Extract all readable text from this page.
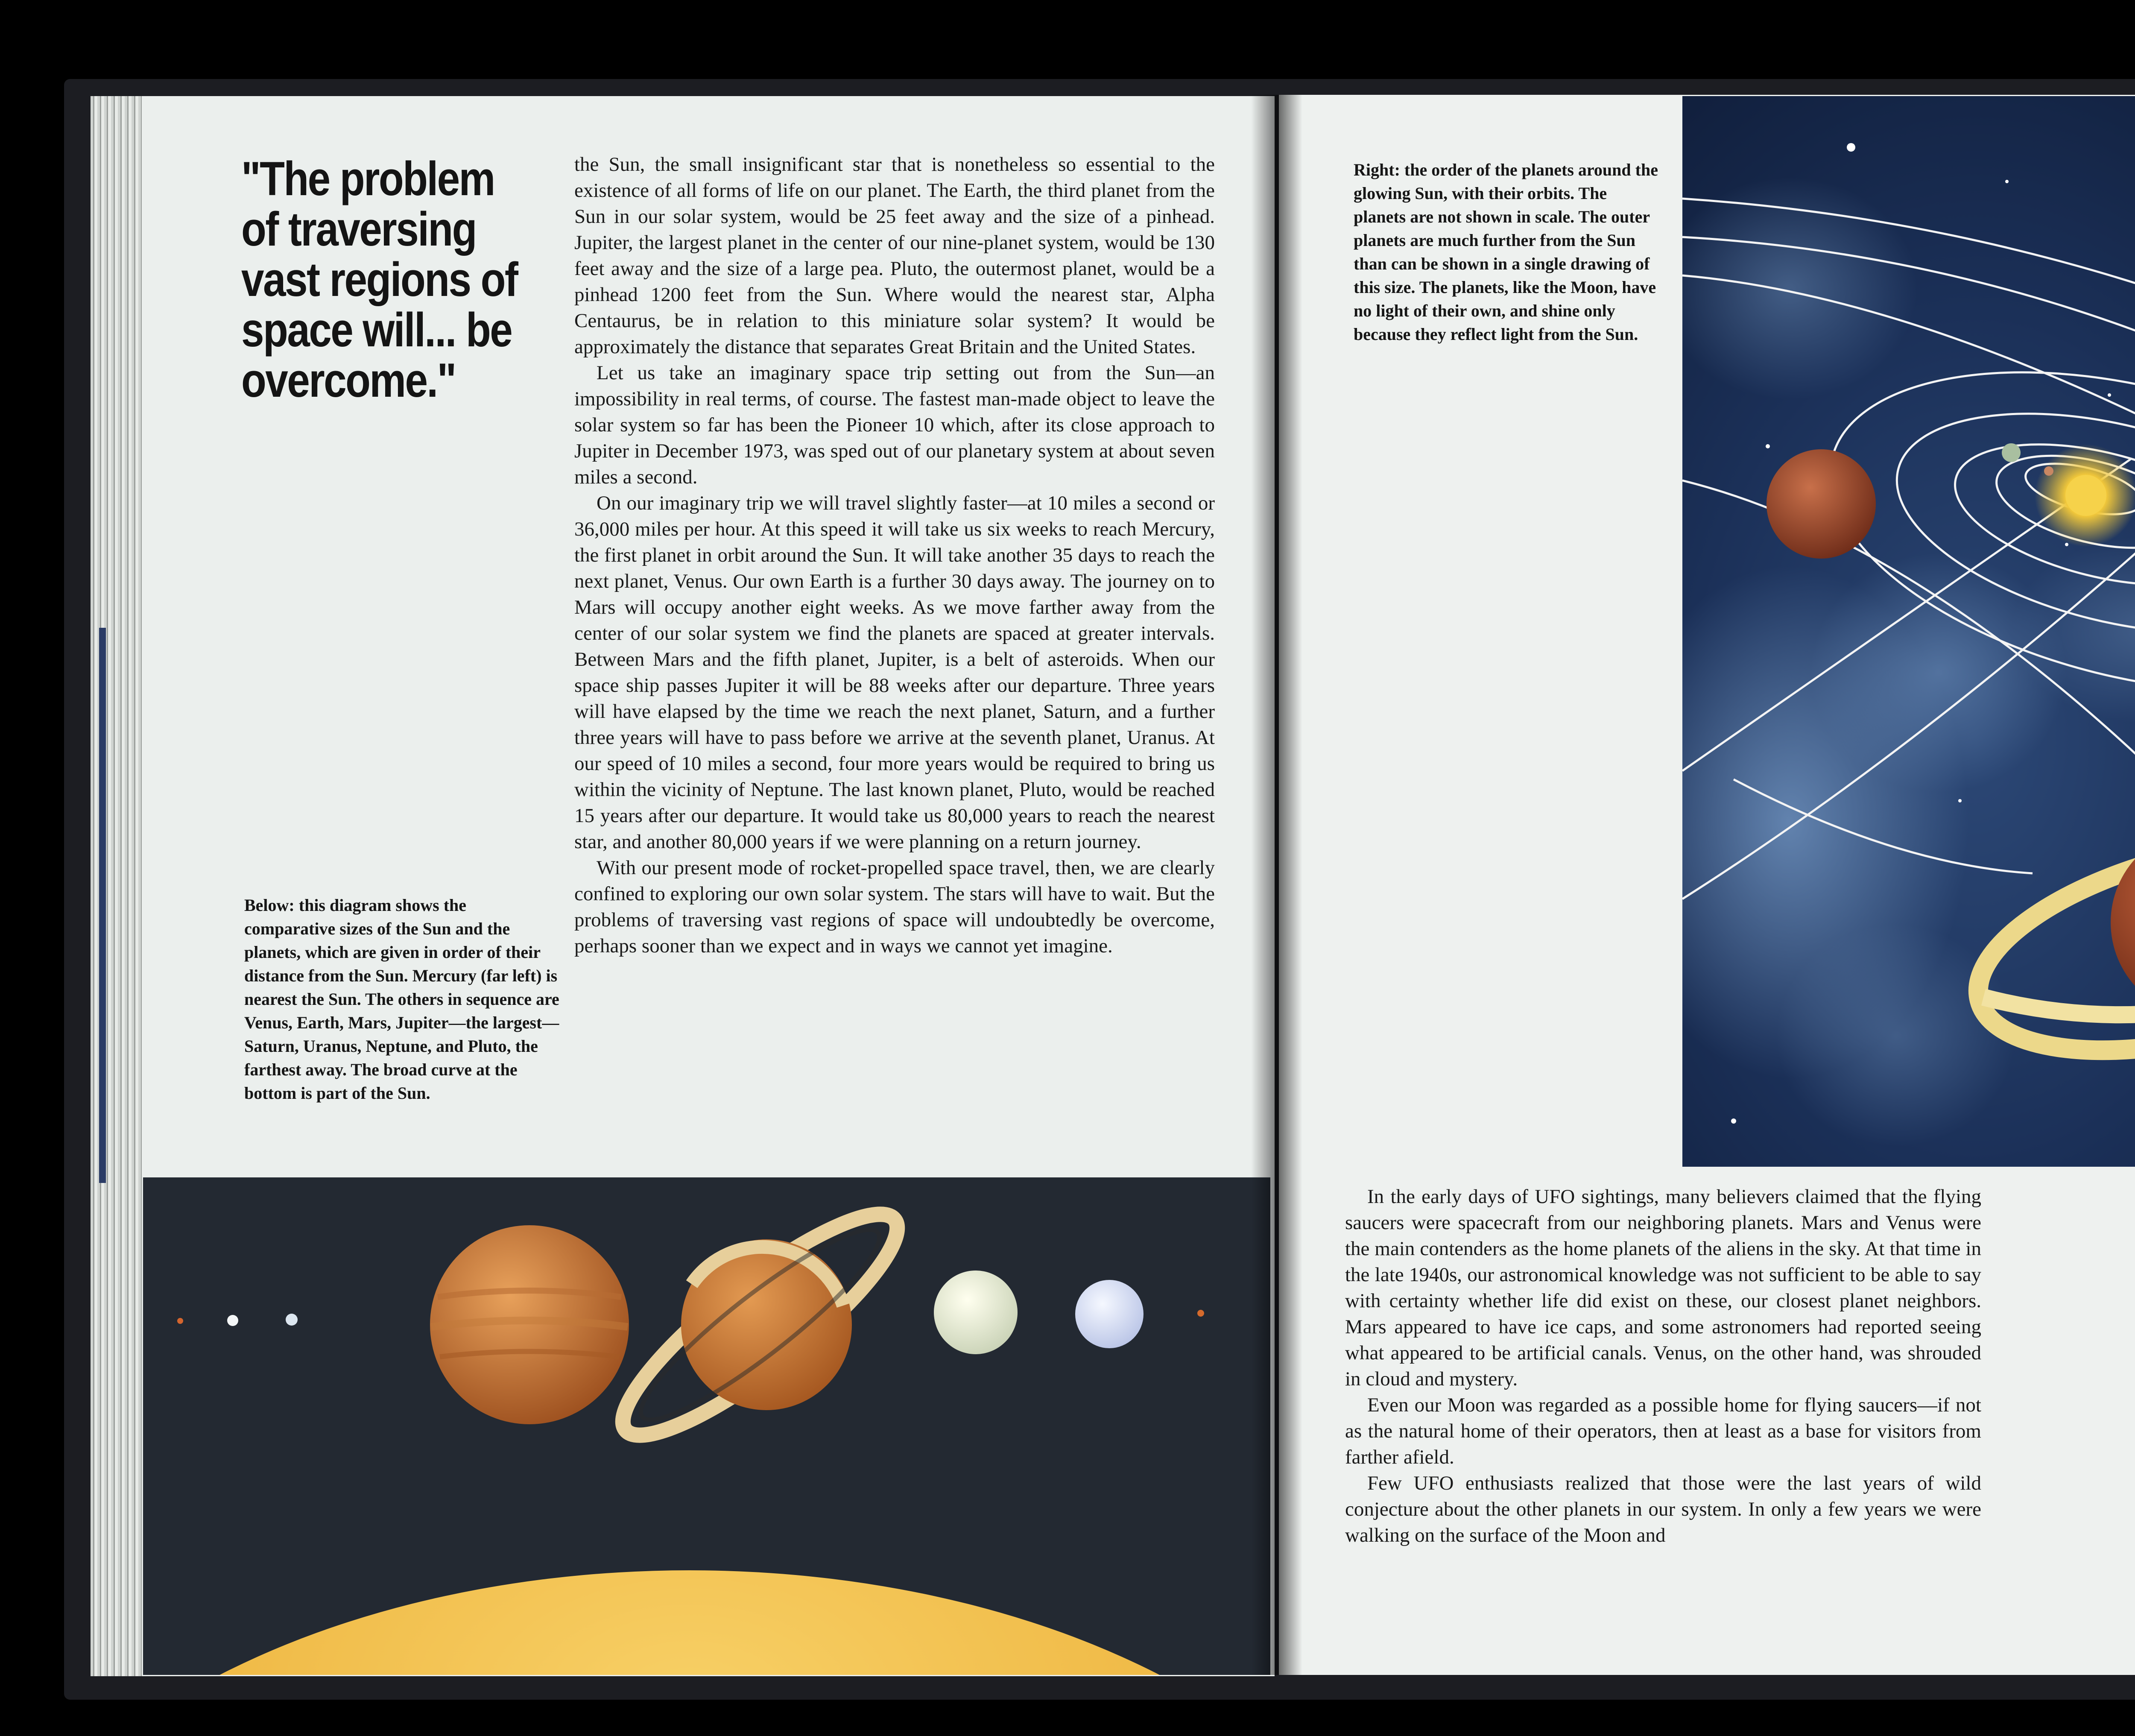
"The problem of traversing vast regions of space will... be overcome."

the Sun, the small insignificant star that is nonetheless so essential to the existence of all forms of life on our planet. The Earth, the third planet from the Sun in our solar system, would be 25 feet away and the size of a pinhead. Jupiter, the largest planet in the center of our nine-planet system, would be 130 feet away and the size of a large pea. Pluto, the outermost planet, would be a pinhead 1200 feet from the Sun. Where would the nearest star, Alpha Centaurus, be in relation to this miniature solar system? It would be approximately the distance that separates Great Britain and the United States.

Let us take an imaginary space trip setting out from the Sun—an impossibility in real terms, of course. The fastest man-made object to leave the solar system so far has been the Pioneer 10 which, after its close approach to Jupiter in December 1973, was sped out of our planetary system at about seven miles a second.

On our imaginary trip we will travel slightly faster—at 10 miles a second or 36,000 miles per hour. At this speed it will take us six weeks to reach Mercury, the first planet in orbit around the Sun. It will take another 35 days to reach the next planet, Venus. Our own Earth is a further 30 days away. The journey on to Mars will occupy another eight weeks. As we move farther away from the center of our solar system we find the planets are spaced at greater intervals. Between Mars and the fifth planet, Jupiter, is a belt of asteroids. When our space ship passes Jupiter it will be 88 weeks after our departure. Three years will have elapsed by the time we reach the next planet, Saturn, and a further three years will have to pass before we arrive at the seventh planet, Uranus. At our speed of 10 miles a second, four more years would be required to bring us within the vicinity of Neptune. The last known planet, Pluto, would be reached 15 years after our departure. It would take us 80,000 years to reach the nearest star, and another 80,000 years if we were planning on a return journey.

With our present mode of rocket-propelled space travel, then, we are clearly confined to exploring our own solar system. The stars will have to wait. But the problems of traversing vast regions of space will undoubtedly be overcome, perhaps sooner than we expect and in ways we cannot yet imagine.

Below: this diagram shows the comparative sizes of the Sun and the planets, which are given in order of their distance from the Sun. Mercury (far left) is nearest the Sun. The others in sequence are Venus, Earth, Mars, Jupiter—the largest—Saturn, Uranus, Neptune, and Pluto, the farthest away. The broad curve at the bottom is part of the Sun.

Right: the order of the planets around the glowing Sun, with their orbits. The planets are not shown in scale. The outer planets are much further from the Sun than can be shown in a single drawing of this size. The planets, like the Moon, have no light of their own, and shine only because they reflect light from the Sun.

In the early days of UFO sightings, many believers claimed that the flying saucers were spacecraft from our neighboring planets. Mars and Venus were the main contenders as the home planets of the aliens in the sky. At that time in the late 1940s, our astronomical knowledge was not sufficient to be able to say with certainty whether life did exist on these, our closest planet neighbors. Mars appeared to have ice caps, and some astronomers had reported seeing what appeared to be artificial canals. Venus, on the other hand, was shrouded in cloud and mystery.

Even our Moon was regarded as a possible home for flying saucers—if not as the natural home of their operators, then at least as a base for visitors from farther afield.

Few UFO enthusiasts realized that those were the last years of wild conjecture about the other planets in our system. In only a few years we were walking on the surface of the Moon and
